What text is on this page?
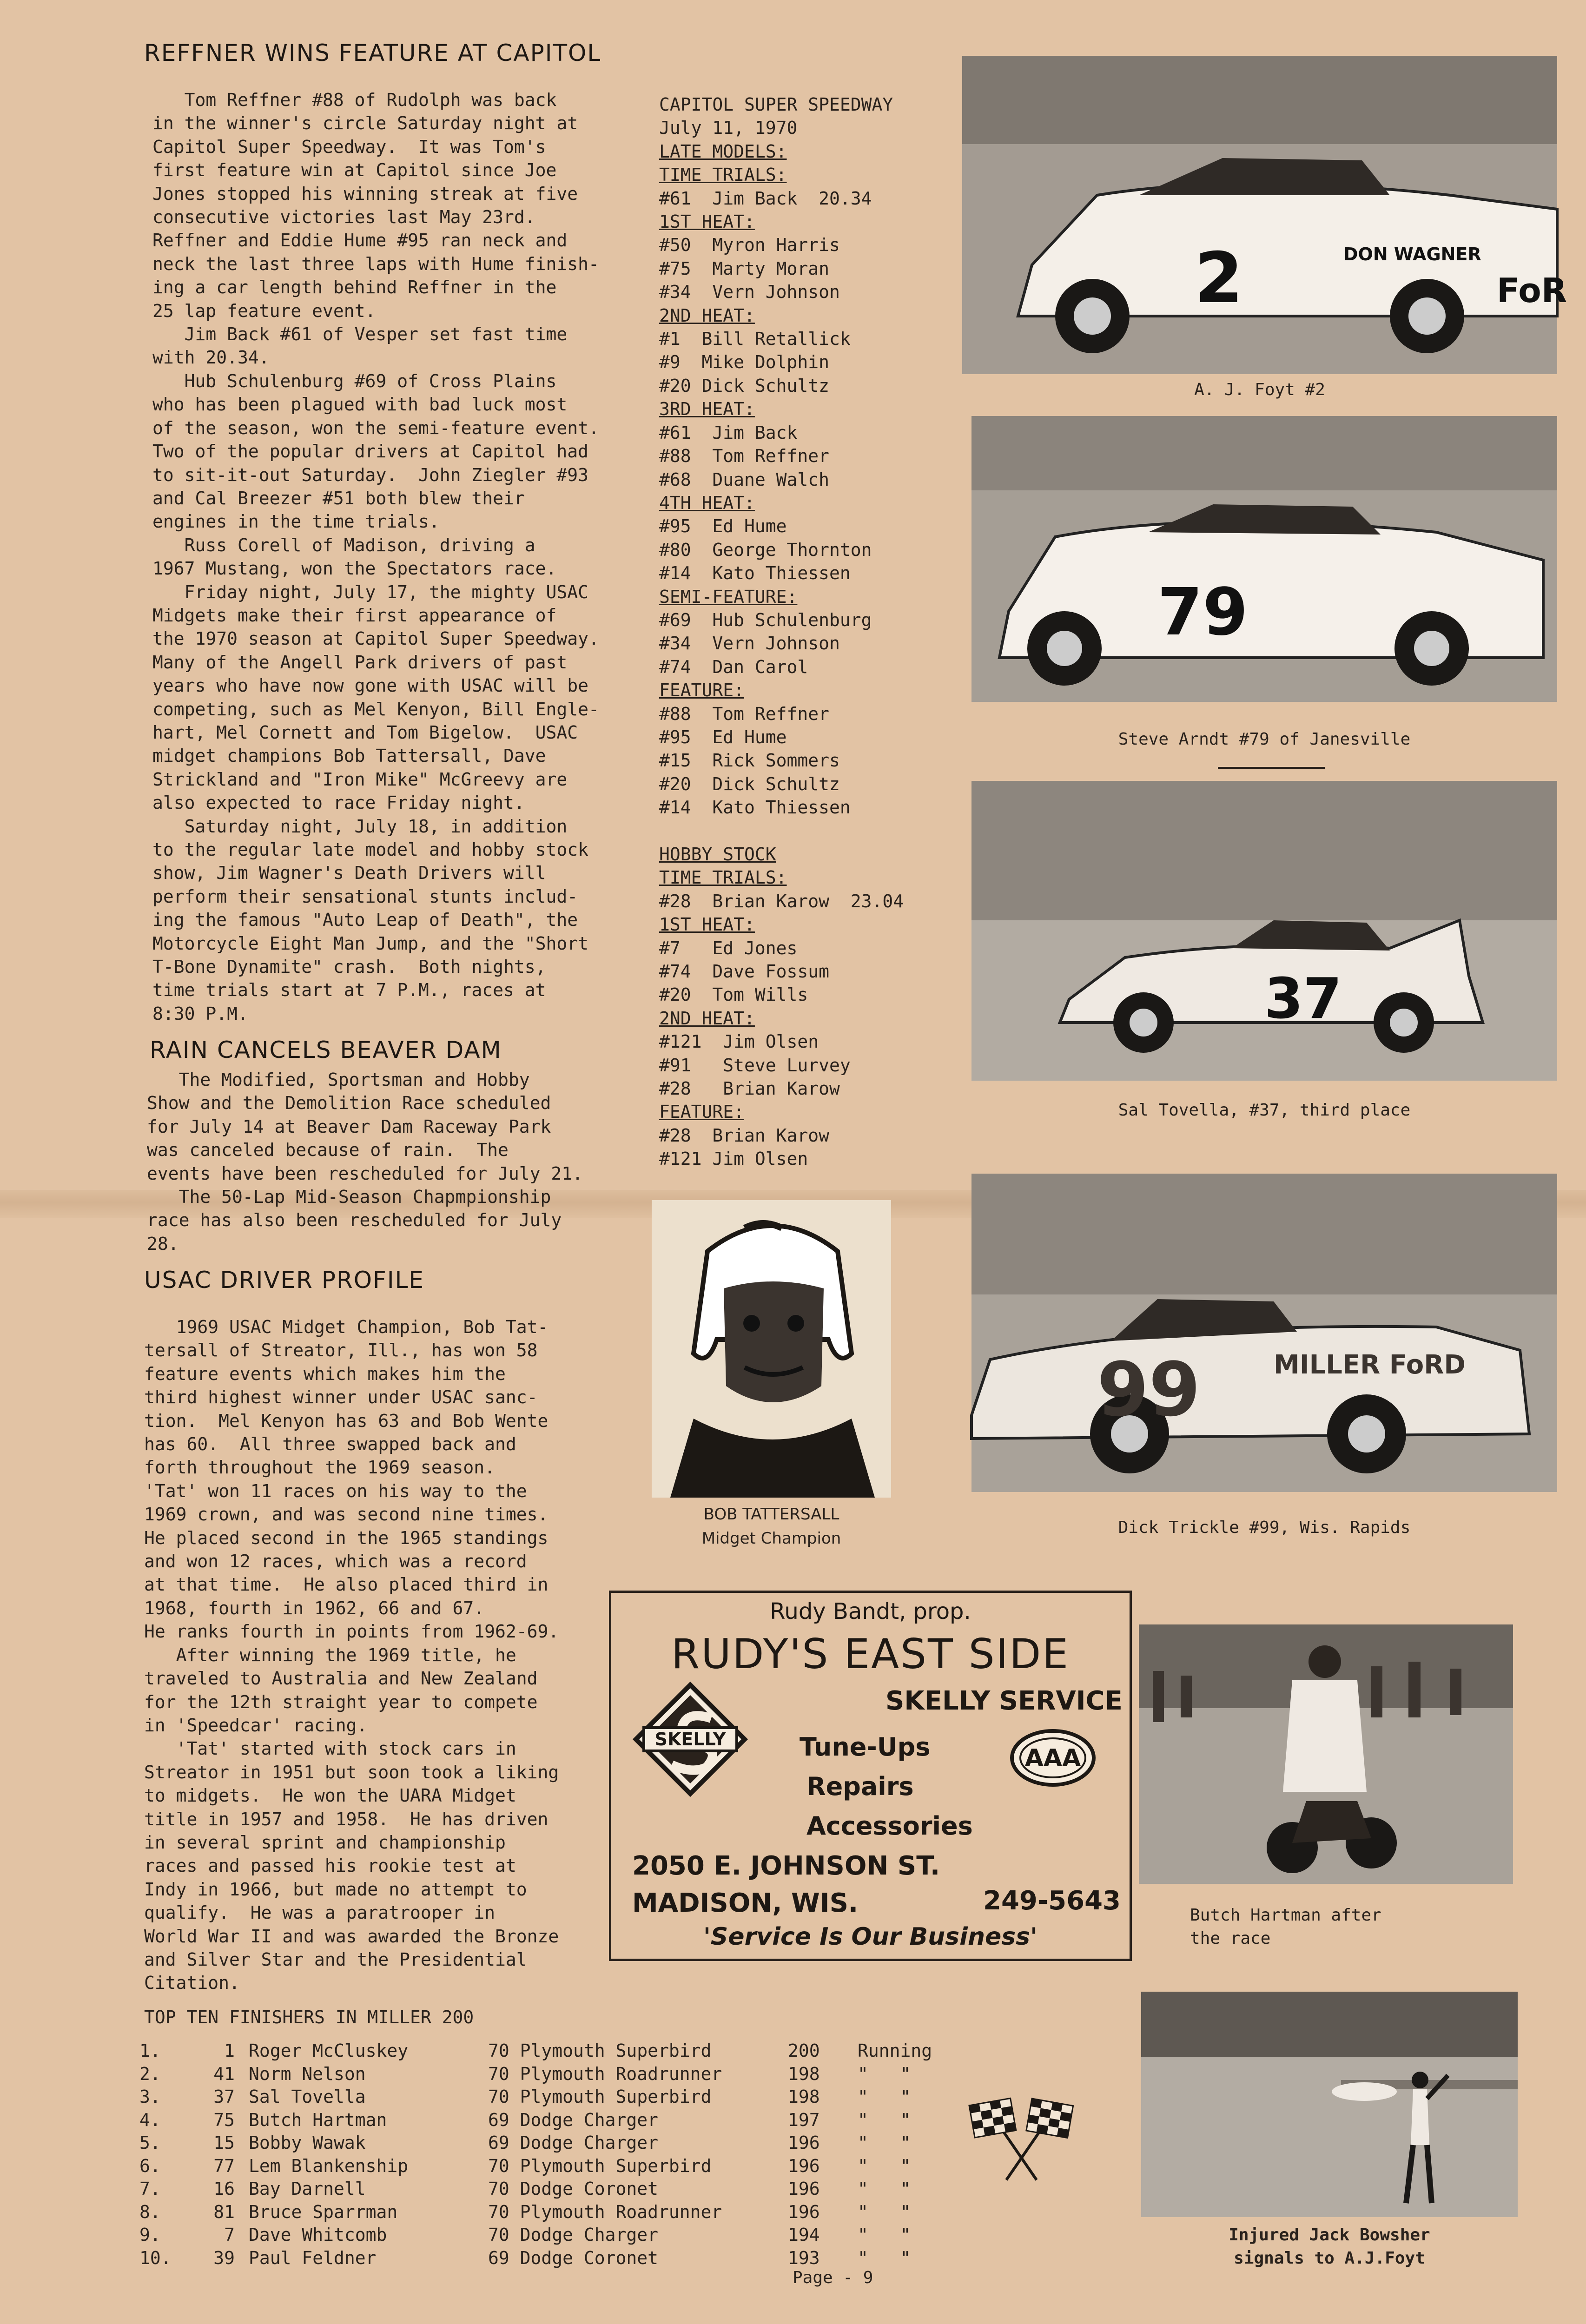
REFFNER WINS FEATURE AT CAPITOL

Tom Reffner #88 of Rudolph was back

in the winner's circle Saturday night at

Capitol Super Speedway.  It was Tom's

first feature win at Capitol since Joe

Jones stopped his winning streak at five

consecutive victories last May 23rd.

Reffner and Eddie Hume #95 ran neck and

neck the last three laps with Hume finish-

ing a car length behind Reffner in the

25 lap feature event.

Jim Back #61 of Vesper set fast time

with 20.34.

Hub Schulenburg #69 of Cross Plains

who has been plagued with bad luck most

of the season, won the semi-feature event.

Two of the popular drivers at Capitol had

to sit-it-out Saturday.  John Ziegler #93

and Cal Breezer #51 both blew their

engines in the time trials.

Russ Corell of Madison, driving a

1967 Mustang, won the Spectators race.

Friday night, July 17, the mighty USAC

Midgets make their first appearance of

the 1970 season at Capitol Super Speedway.

Many of the Angell Park drivers of past

years who have now gone with USAC will be

competing, such as Mel Kenyon, Bill Engle-

hart, Mel Cornett and Tom Bigelow.  USAC

midget champions Bob Tattersall, Dave

Strickland and "Iron Mike" McGreevy are

also expected to race Friday night.

Saturday night, July 18, in addition

to the regular late model and hobby stock

show, Jim Wagner's Death Drivers will

perform their sensational stunts includ-

ing the famous "Auto Leap of Death", the

Motorcycle Eight Man Jump, and the "Short

T-Bone Dynamite" crash.  Both nights,

time trials start at 7 P.M., races at

8:30 P.M.

RAIN CANCELS BEAVER DAM

The Modified, Sportsman and Hobby

Show and the Demolition Race scheduled

for July 14 at Beaver Dam Raceway Park

was canceled because of rain.  The

events have been rescheduled for July 21.

The 50-Lap Mid-Season Chapmpionship

race has also been rescheduled for July

28.

USAC DRIVER PROFILE

1969 USAC Midget Champion, Bob Tat-

tersall of Streator, Ill., has won 58

feature events which makes him the

third highest winner under USAC sanc-

tion.  Mel Kenyon has 63 and Bob Wente

has 60.  All three swapped back and

forth throughout the 1969 season.

'Tat' won 11 races on his way to the

1969 crown, and was second nine times.

He placed second in the 1965 standings

and won 12 races, which was a record

at that time.  He also placed third in

1968, fourth in 1962, 66 and 67.

He ranks fourth in points from 1962-69.

After winning the 1969 title, he

traveled to Australia and New Zealand

for the 12th straight year to compete

in 'Speedcar' racing.

'Tat' started with stock cars in

Streator in 1951 but soon took a liking

to midgets.  He won the UARA Midget

title in 1957 and 1958.  He has driven

in several sprint and championship

races and passed his rookie test at

Indy in 1966, but made no attempt to

qualify.  He was a paratrooper in

World War II and was awarded the Bronze

and Silver Star and the Presidential

Citation.

CAPITOL SUPER SPEEDWAY

July 11, 1970

LATE MODELS:

TIME TRIALS:

#61  Jim Back  20.34

1ST HEAT:

#50  Myron Harris

#75  Marty Moran

#34  Vern Johnson

2ND HEAT:

#1  Bill Retallick

#9  Mike Dolphin

#20 Dick Schultz

3RD HEAT:

#61  Jim Back

#88  Tom Reffner

#68  Duane Walch

4TH HEAT:

#95  Ed Hume

#80  George Thornton

#14  Kato Thiessen

SEMI-FEATURE:

#69  Hub Schulenburg

#34  Vern Johnson

#74  Dan Carol

FEATURE:

#88  Tom Reffner

#95  Ed Hume

#15  Rick Sommers

#20  Dick Schultz

#14  Kato Thiessen

HOBBY STOCK

TIME TRIALS:

#28  Brian Karow  23.04

1ST HEAT:

#7   Ed Jones

#74  Dave Fossum

#20  Tom Wills

2ND HEAT:

#121  Jim Olsen

#91   Steve Lurvey

#28   Brian Karow

FEATURE:

#28  Brian Karow

#121 Jim Olsen

BOB TATTERSALL
Midget Champion
2	DON WAGNER
FoR
A. J. Foyt #2
79
Steve Arndt #79 of Janesville
37
Sal Tovella, #37, third place
99	MILLER FoRD
Dick Trickle #99, Wis. Rapids
Rudy Bandt, prop.
RUDY'S EAST SIDE
SKELLY SERVICE
SKELLY	Tune-Ups
Repairs
Accessories
AAA
2050 E. JOHNSON ST.
MADISON, WIS.	249-5643
'Service Is Our Business'
Butch Hartman after
the race
Injured Jack Bowsher
signals to A.J.Foyt
TOP TEN FINISHERS IN MILLER 200
1.	1	Roger McCluskey	70 Plymouth Superbird	200	Running
2.	41	Norm Nelson	70 Plymouth Roadrunner	198	"   "
3.	37	Sal Tovella	70 Plymouth Superbird	198	"   "
4.	75	Butch Hartman	69 Dodge Charger	197	"   "
5.	15	Bobby Wawak	69 Dodge Charger	196	"   "
6.	77	Lem Blankenship	70 Plymouth Superbird	196	"   "
7.	16	Bay Darnell	70 Dodge Coronet	196	"   "
8.	81	Bruce Sparrman	70 Plymouth Roadrunner	196	"   "
9.	7	Dave Whitcomb	70 Dodge Charger	194	"   "
10.	39	Paul Feldner	69 Dodge Coronet	193	"   "
Page - 9
